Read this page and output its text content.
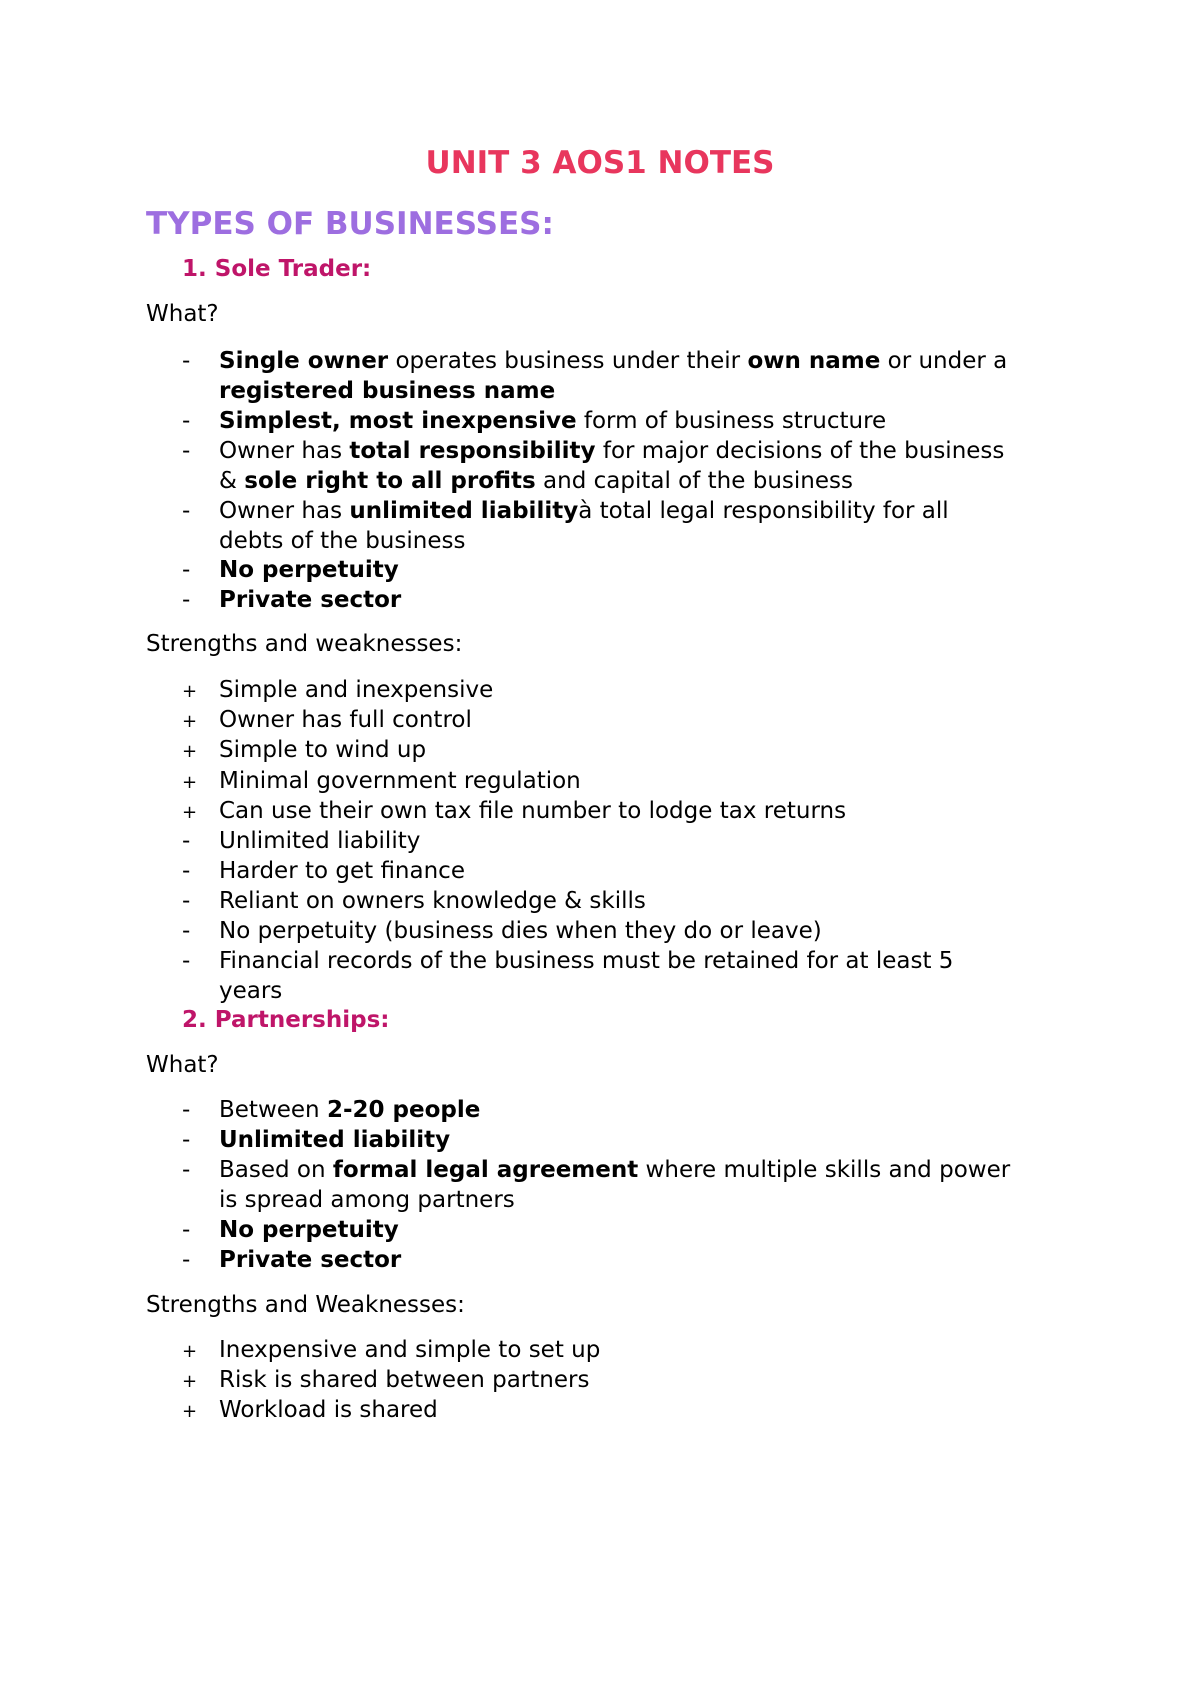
UNIT 3 AOS1 NOTES
TYPES OF BUSINESSES:
1. Sole Trader:
What?
- Single owner operates business under their own name or under a
registered business name
- Simplest, most inexpensive form of business structure
- Owner has total responsibility for major decisions of the business
& sole right to all profits and capital of the business
- Owner has unlimited liabilityà total legal responsibility for all
debts of the business
- No perpetuity
- Private sector
Strengths and weaknesses:
+ Simple and inexpensive
+ Owner has full control
+ Simple to wind up
+ Minimal government regulation
+ Can use their own tax file number to lodge tax returns
- Unlimited liability
- Harder to get finance
- Reliant on owners knowledge & skills
- No perpetuity (business dies when they do or leave)
- Financial records of the business must be retained for at least 5
years
2. Partnerships:
What?
- Between 2-20 people
- Unlimited liability
- Based on formal legal agreement where multiple skills and power
is spread among partners
- No perpetuity
- Private sector
Strengths and Weaknesses:
+ Inexpensive and simple to set up
+ Risk is shared between partners
+ Workload is shared
